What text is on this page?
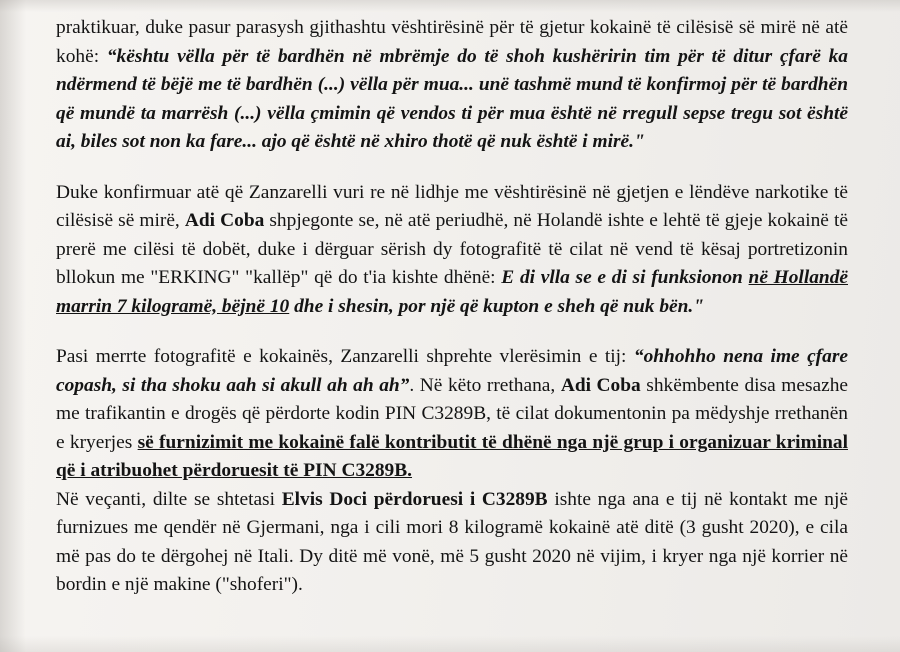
praktikuar, duke pasur parasysh gjithashtu vështirësinë për të gjetur kokainë të cilësisë së mirë në atë kohë: “kështu vëlla për të bardhën në mbrëmje do të shoh kushëririn tim për të ditur çfarë ka ndërmend të bëjë me të bardhën (...) vëlla për mua... unë tashmë mund të konfirmoj për të bardhën që mundë ta marrësh (...) vëlla çmimin që vendos ti për mua është në rregull sepse tregu sot është ai, biles sot non ka fare... ajo që është në xhiro thotë që nuk është i mirë."

Duke konfirmuar atë që Zanzarelli vuri re në lidhje me vështirësinë në gjetjen e lëndëve narkotike të cilësisë së mirë, Adi Coba shpjegonte se, në atë periudhë, në Holandë ishte e lehtë të gjeje kokainë të prerë me cilësi të dobët, duke i dërguar sërish dy fotografitë të cilat në vend të kësaj portretizonin bllokun me "ERKING" "kallëp" që do t'ia kishte dhënë: E di vlla se e di si funksionon në Hollandë marrin 7 kilogramë, bëjnë 10 dhe i shesin, por një që kupton e sheh që nuk bën."

Pasi merrte fotografitë e kokainës, Zanzarelli shprehte vlerësimin e tij: “ohhohho nena ime çfare copash, si tha shoku aah si akull ah ah ah”. Në këto rrethana, Adi Coba shkëmbente disa mesazhe me trafikantin e drogës që përdorte kodin PIN C3289B, të cilat dokumentonin pa mëdyshje rrethanën e kryerjes së furnizimit me kokainë falë kontributit të dhënë nga një grup i organizuar kriminal që i atribuohet përdoruesit të PIN C3289B.

Në veçanti, dilte se shtetasi Elvis Doci përdoruesi i C3289B ishte nga ana e tij në kontakt me një furnizues me qendër në Gjermani, nga i cili mori 8 kilogramë kokainë atë ditë (3 gusht 2020), e cila më pas do te dërgohej në Itali. Dy ditë më vonë, më 5 gusht 2020 në vijim, i kryer nga një korrier në bordin e një makine ("shoferi").
